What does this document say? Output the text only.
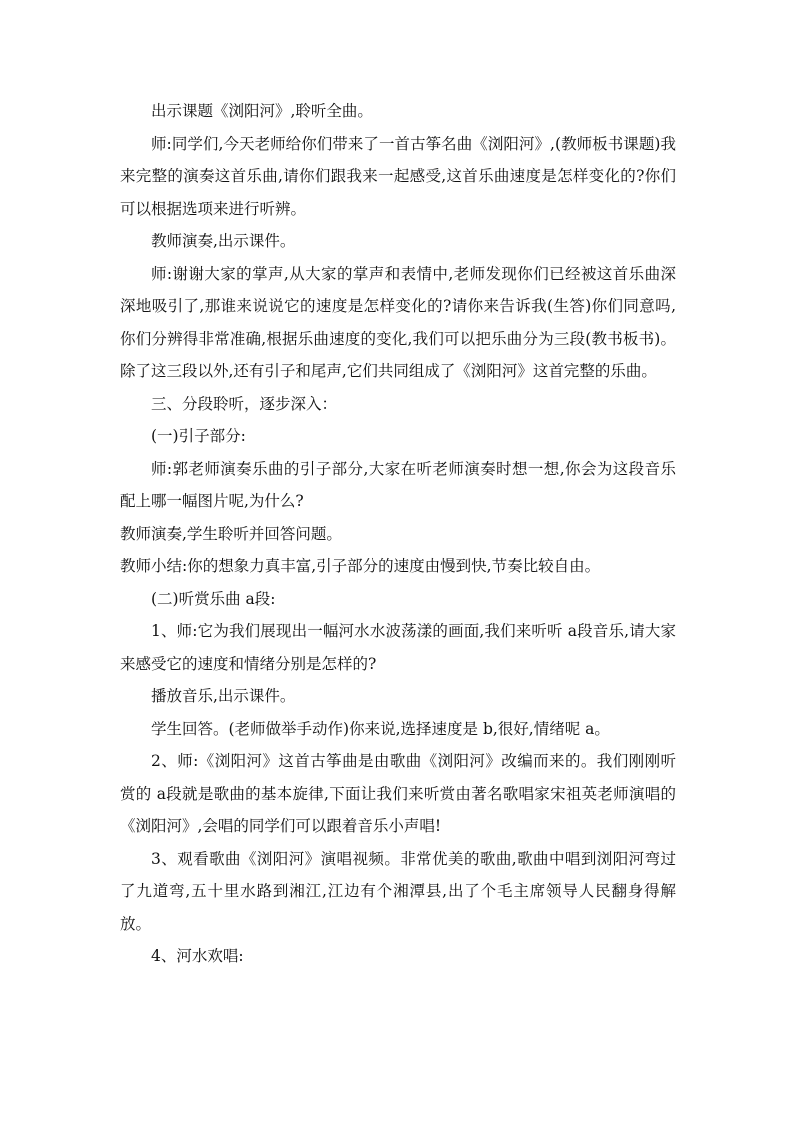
出示课题《浏阳河》,聆听全曲。

师:同学们,今天老师给你们带来了一首古筝名曲《浏阳河》,(教师板书课题)我来完整的演奏这首乐曲,请你们跟我来一起感受,这首乐曲速度是怎样变化的?你们可以根据选项来进行听辨。

教师演奏,出示课件。

师:谢谢大家的掌声,从大家的掌声和表情中,老师发现你们已经被这首乐曲深深地吸引了,那谁来说说它的速度是怎样变化的?请你来告诉我(生答)你们同意吗,你们分辨得非常准确,根据乐曲速度的变化,我们可以把乐曲分为三段(教书板书)。除了这三段以外,还有引子和尾声,它们共同组成了《浏阳河》这首完整的乐曲。

三、分段聆听，逐步深入：

(一)引子部分:

师:郭老师演奏乐曲的引子部分,大家在听老师演奏时想一想,你会为这段音乐配上哪一幅图片呢,为什么?

教师演奏,学生聆听并回答问题。

教师小结:你的想象力真丰富,引子部分的速度由慢到快,节奏比较自由。

(二)听赏乐曲 a段:

1、师:它为我们展现出一幅河水水波荡漾的画面,我们来听听 a段音乐,请大家来感受它的速度和情绪分别是怎样的?

播放音乐,出示课件。

学生回答。(老师做举手动作)你来说,选择速度是 b,很好,情绪呢 a。

2、师:《浏阳河》这首古筝曲是由歌曲《浏阳河》改编而来的。我们刚刚听赏的 a段就是歌曲的基本旋律,下面让我们来听赏由著名歌唱家宋祖英老师演唱的《浏阳河》,会唱的同学们可以跟着音乐小声唱!

3、观看歌曲《浏阳河》演唱视频。非常优美的歌曲,歌曲中唱到浏阳河弯过了九道弯,五十里水路到湘江,江边有个湘潭县,出了个毛主席领导人民翻身得解放。

4、河水欢唱:
